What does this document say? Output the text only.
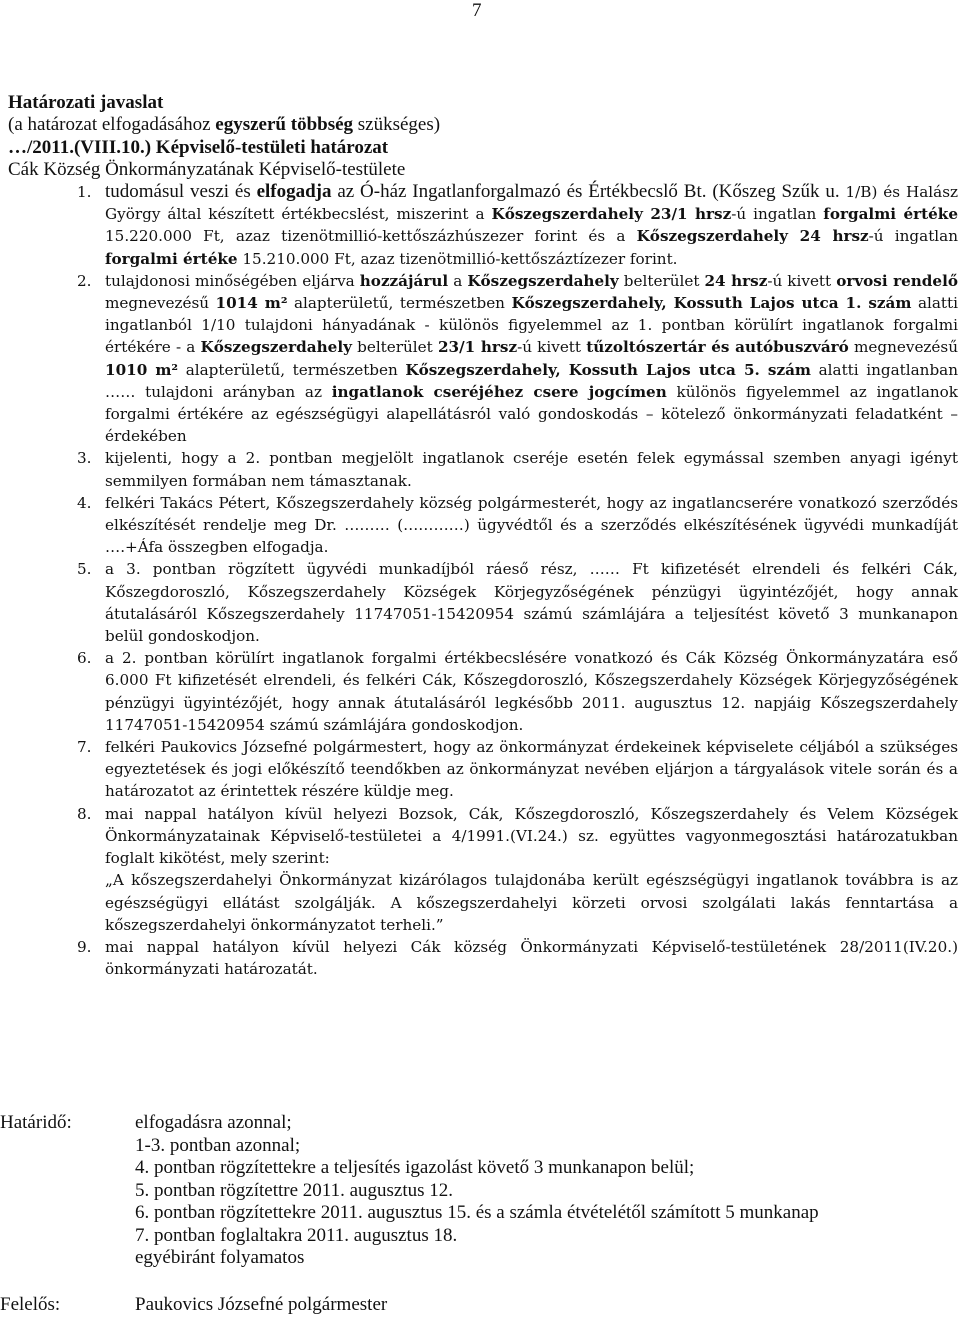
7
Határozati javaslat
(a határozat elfogadásához egyszerű többség szükséges)
…/2011.(VIII.10.) Képviselő-testületi határozat
Cák Község Önkormányzatának Képviselő-testülete
1. tudomásul veszi és elfogadja az Ó-ház Ingatlanforgalmazó és Értékbecslő Bt. (Kőszeg Szűk u. 1/B) és Halász György által készített értékbecslést, miszerint a Kőszegszerdahely 23/1 hrsz-ú ingatlan forgalmi értéke 15.220.000 Ft, azaz tizenötmillió-kettőszázhúszezer forint és a Kőszegszerdahely 24 hrsz-ú ingatlan forgalmi értéke 15.210.000 Ft, azaz tizenötmillió-kettőszáztízezer forint.
2. tulajdonosi minőségében eljárva hozzájárul a Kőszegszerdahely belterület 24 hrsz-ú kivett orvosi rendelő megnevezésű 1014 m² alapterületű, természetben Kőszegszerdahely, Kossuth Lajos utca 1. szám alatti ingatlanból 1/10 tulajdoni hányadának - különös figyelemmel az 1. pontban körülírt ingatlanok forgalmi értékére - a Kőszegszerdahely belterület 23/1 hrsz-ú kivett tűzoltószertár és autóbuszváró megnevezésű 1010 m² alapterületű, természetben Kőszegszerdahely, Kossuth Lajos utca 5. szám alatti ingatlanban …… tulajdoni arányban az ingatlanok cseréjéhez csere jogcímen különös figyelemmel az ingatlanok forgalmi értékére az egészségügyi alapellátásról való gondoskodás – kötelező önkormányzati feladatként – érdekében
3. kijelenti, hogy a 2. pontban megjelölt ingatlanok cseréje esetén felek egymással szemben anyagi igényt semmilyen formában nem támasztanak.
4. felkéri Takács Pétert, Kőszegszerdahely község polgármesterét, hogy az ingatlancserére vonatkozó szerződés elkészítését rendelje meg Dr. ……… (…………) ügyvédtől és a szerződés elkészítésének ügyvédi munkadíját ….+Áfa összegben elfogadja.
5. a 3. pontban rögzített ügyvédi munkadíjból ráeső rész, …… Ft kifizetését elrendeli és felkéri Cák, Kőszegdoroszló, Kőszegszerdahely Községek Körjegyzőségének pénzügyi ügyintézőjét, hogy annak átutalásáról Kőszegszerdahely 11747051-15420954 számú számlájára a teljesítést követő 3 munkanapon belül gondoskodjon.
6. a 2. pontban körülírt ingatlanok forgalmi értékbecslésére vonatkozó és Cák Község Önkormányzatára eső 6.000 Ft kifizetését elrendeli, és felkéri Cák, Kőszegdoroszló, Kőszegszerdahely Községek Körjegyzőségének pénzügyi ügyintézőjét, hogy annak átutalásáról legkésőbb 2011. augusztus 12. napjáig Kőszegszerdahely 11747051-15420954 számú számlájára gondoskodjon.
7. felkéri Paukovics Józsefné polgármestert, hogy az önkormányzat érdekeinek képviselete céljából a szükséges egyeztetések és jogi előkészítő teendőkben az önkormányzat nevében eljárjon a tárgyalások vitele során és a határozatot az érintettek részére küldje meg.
8. mai nappal hatályon kívül helyezi Bozsok, Cák, Kőszegdoroszló, Kőszegszerdahely és Velem Községek Önkormányzatainak Képviselő-testületei a 4/1991.(VI.24.) sz. együttes vagyonmegosztási határozatukban foglalt kikötést, mely szerint:
„A kőszegszerdahelyi Önkormányzat kizárólagos tulajdonába került egészségügyi ingatlanok továbbra is az egészségügyi ellátást szolgálják. A kőszegszerdahelyi körzeti orvosi szolgálati lakás fenntartása a kőszegszerdahelyi önkormányzatot terheli.”
9. mai nappal hatályon kívül helyezi Cák község Önkormányzati Képviselő-testületének 28/2011(IV.20.) önkormányzati határozatát.
Határidő:	elfogadásra azonnal;
1-3. pontban azonnal;
4. pontban rögzítettekre a teljesítés igazolást követő 3 munkanapon belül;
5. pontban rögzítettre 2011. augusztus 12.
6. pontban rögzítettekre 2011. augusztus 15. és a számla étvételétől számított 5 munkanap
7. pontban foglaltakra 2011. augusztus 18.
egyébiránt folyamatos
Felelős:	Paukovics Józsefné polgármester
